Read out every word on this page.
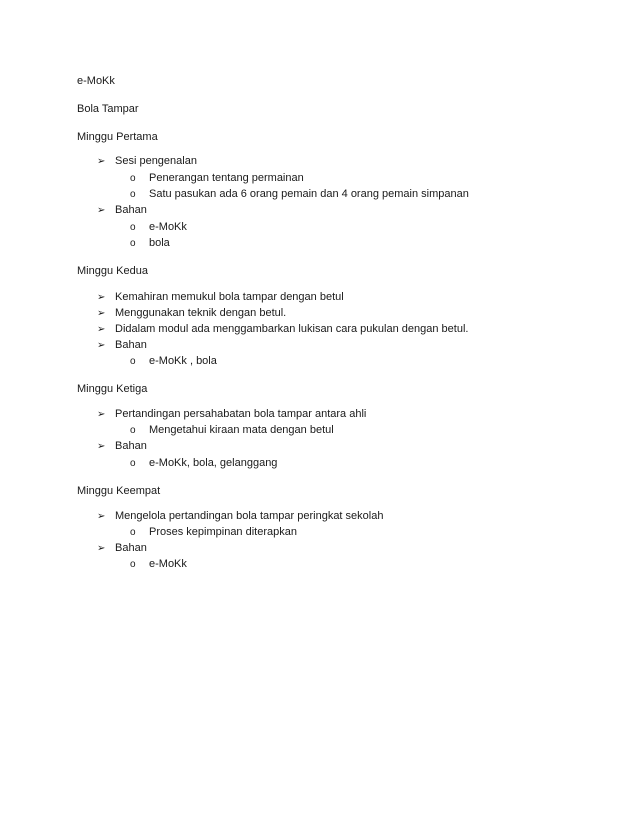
e-MoKk

Bola Tampar

Minggu Pertama

➢ Sesi pengenalan

o Penerangan tentang permainan

o Satu pasukan ada 6 orang pemain dan 4 orang pemain simpanan

➢ Bahan

o e-MoKk

o bola

Minggu Kedua

➢ Kemahiran memukul bola tampar dengan betul

➢ Menggunakan teknik dengan betul.

➢ Didalam modul ada menggambarkan lukisan cara pukulan dengan betul.

➢ Bahan

o e-MoKk , bola

Minggu Ketiga

➢ Pertandingan persahabatan bola tampar antara ahli

o Mengetahui kiraan mata dengan betul

➢ Bahan

o e-MoKk, bola, gelanggang

Minggu Keempat

➢ Mengelola pertandingan bola tampar peringkat sekolah

o Proses kepimpinan diterapkan

➢ Bahan

o e-MoKk
